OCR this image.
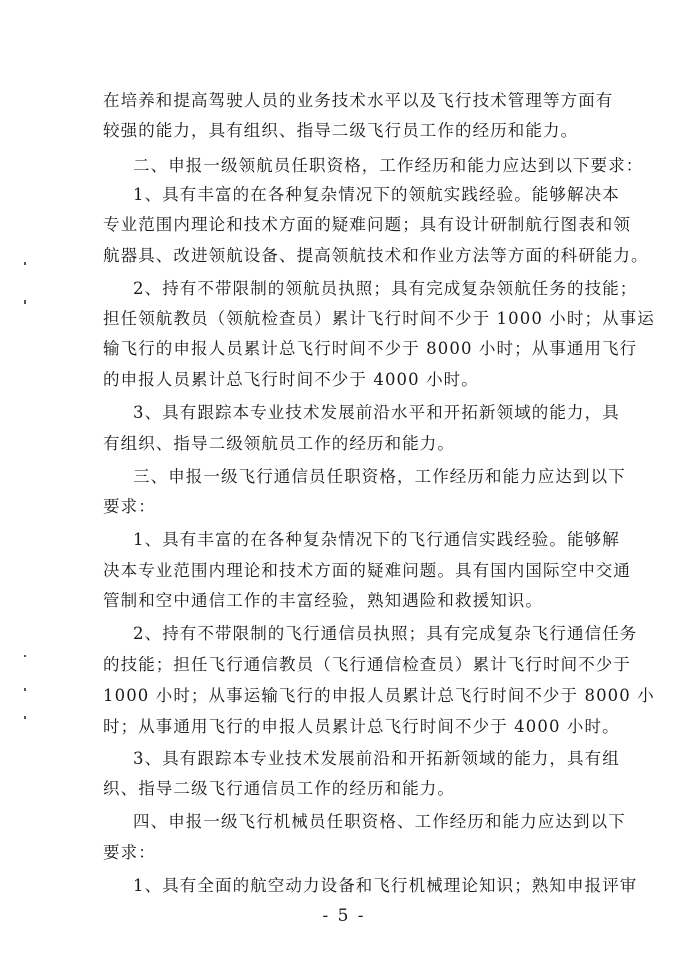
在培养和提高驾驶人员的业务技术水平以及飞行技术管理等方面有
较强的能力，具有组织、指导二级飞行员工作的经历和能力。
二、申报一级领航员任职资格，工作经历和能力应达到以下要求：
1、具有丰富的在各种复杂情况下的领航实践经验。能够解决本
专业范围内理论和技术方面的疑难问题；具有设计研制航行图表和领
航器具、改进领航设备、提高领航技术和作业方法等方面的科研能力。
2、持有不带限制的领航员执照；具有完成复杂领航任务的技能；
担任领航教员（领航检查员）累计飞行时间不少于 1000 小时；从事运
输飞行的申报人员累计总飞行时间不少于 8000 小时；从事通用飞行
的申报人员累计总飞行时间不少于 4000 小时。
3、具有跟踪本专业技术发展前沿水平和开拓新领域的能力，具
有组织、指导二级领航员工作的经历和能力。
三、申报一级飞行通信员任职资格，工作经历和能力应达到以下
要求：
1、具有丰富的在各种复杂情况下的飞行通信实践经验。能够解
决本专业范围内理论和技术方面的疑难问题。具有国内国际空中交通
管制和空中通信工作的丰富经验，熟知遇险和救援知识。
2、持有不带限制的飞行通信员执照；具有完成复杂飞行通信任务
的技能；担任飞行通信教员（飞行通信检查员）累计飞行时间不少于
1000 小时；从事运输飞行的申报人员累计总飞行时间不少于 8000 小
时；从事通用飞行的申报人员累计总飞行时间不少于 4000 小时。
3、具有跟踪本专业技术发展前沿和开拓新领域的能力，具有组
织、指导二级飞行通信员工作的经历和能力。
四、申报一级飞行机械员任职资格、工作经历和能力应达到以下
要求：
1、具有全面的航空动力设备和飞行机械理论知识；熟知申报评审
- 5 -
